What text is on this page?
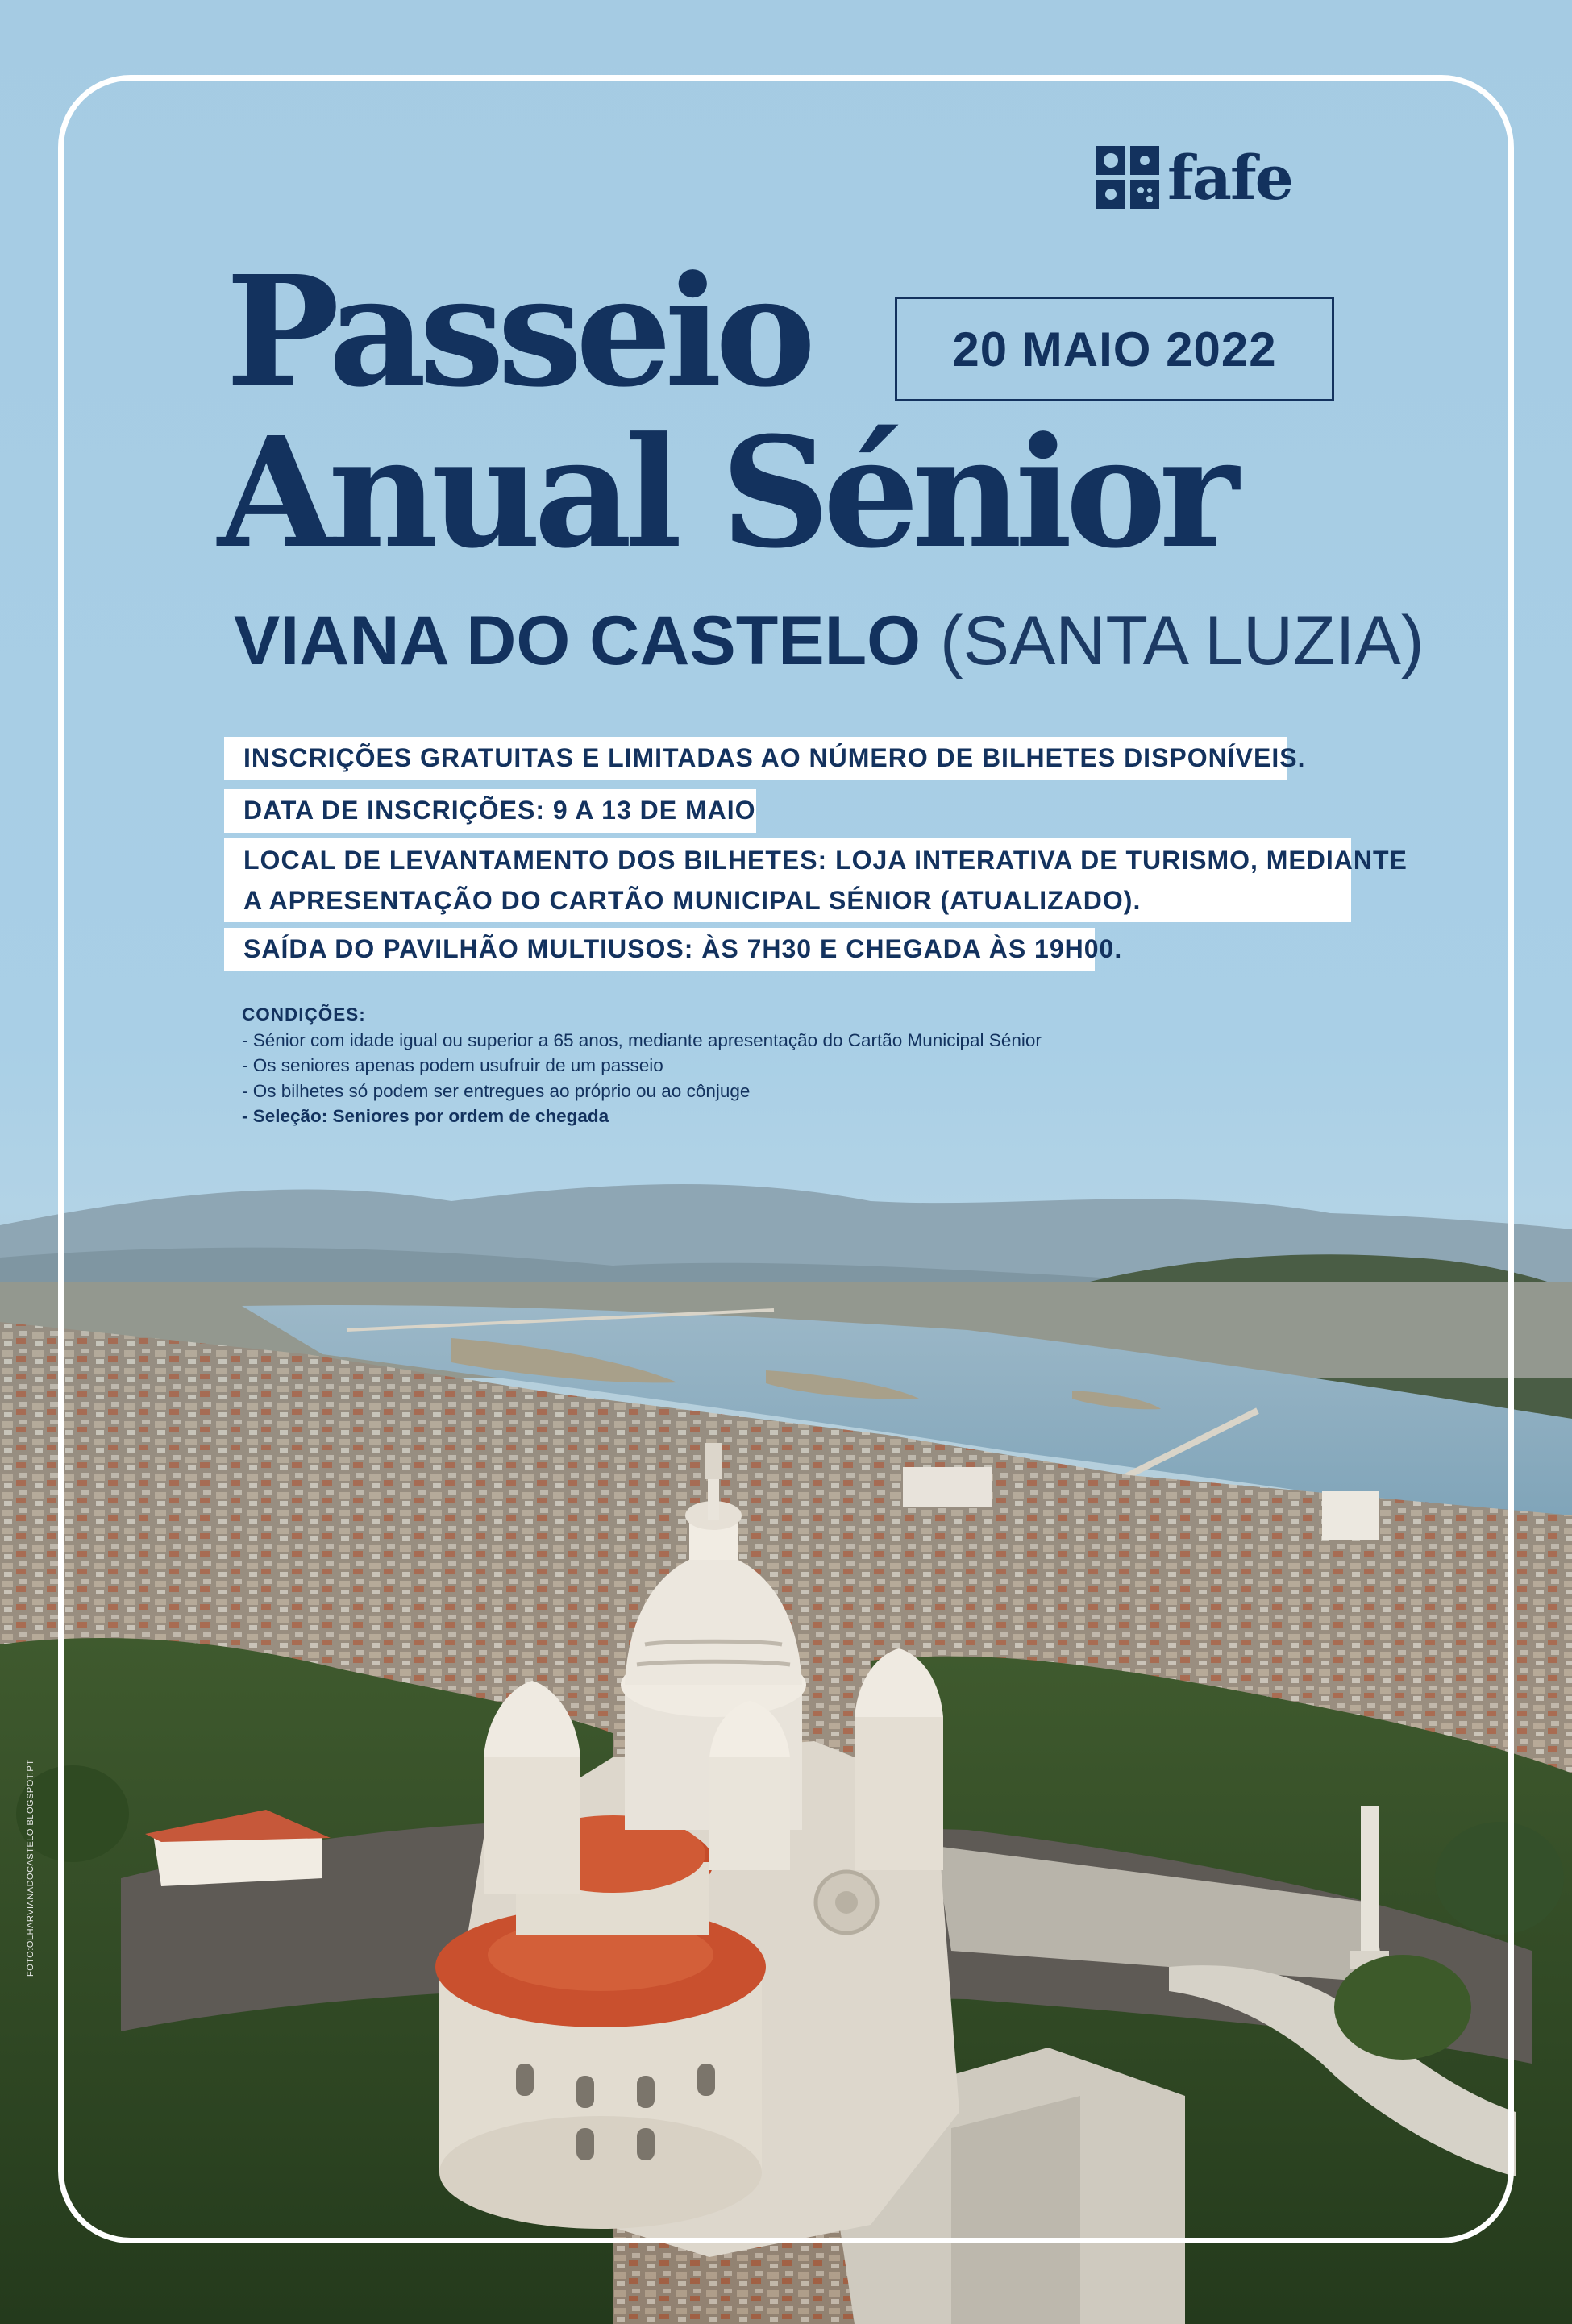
fafe
Passeio
Anual Sénior
20 MAIO 2022
VIANA DO CASTELO (SANTA LUZIA)
INSCRIÇÕES GRATUITAS E LIMITADAS AO NÚMERO DE BILHETES DISPONÍVEIS.
DATA DE INSCRIÇÕES: 9 A 13 DE MAIO
LOCAL DE LEVANTAMENTO DOS BILHETES: LOJA INTERATIVA DE TURISMO, MEDIANTE
A APRESENTAÇÃO DO CARTÃO MUNICIPAL SÉNIOR (ATUALIZADO).
SAÍDA DO PAVILHÃO MULTIUSOS: ÀS 7H30 E CHEGADA ÀS 19H00.
CONDIÇÕES:
- Sénior com idade igual ou superior a 65 anos, mediante apresentação do Cartão Municipal Sénior
- Os seniores apenas podem usufruir de um passeio
- Os bilhetes só podem ser entregues ao próprio ou ao cônjuge
- Seleção: Seniores por ordem de chegada
FOTO:OLHARVIANADOCASTELO.BLOGSPOT.PT
